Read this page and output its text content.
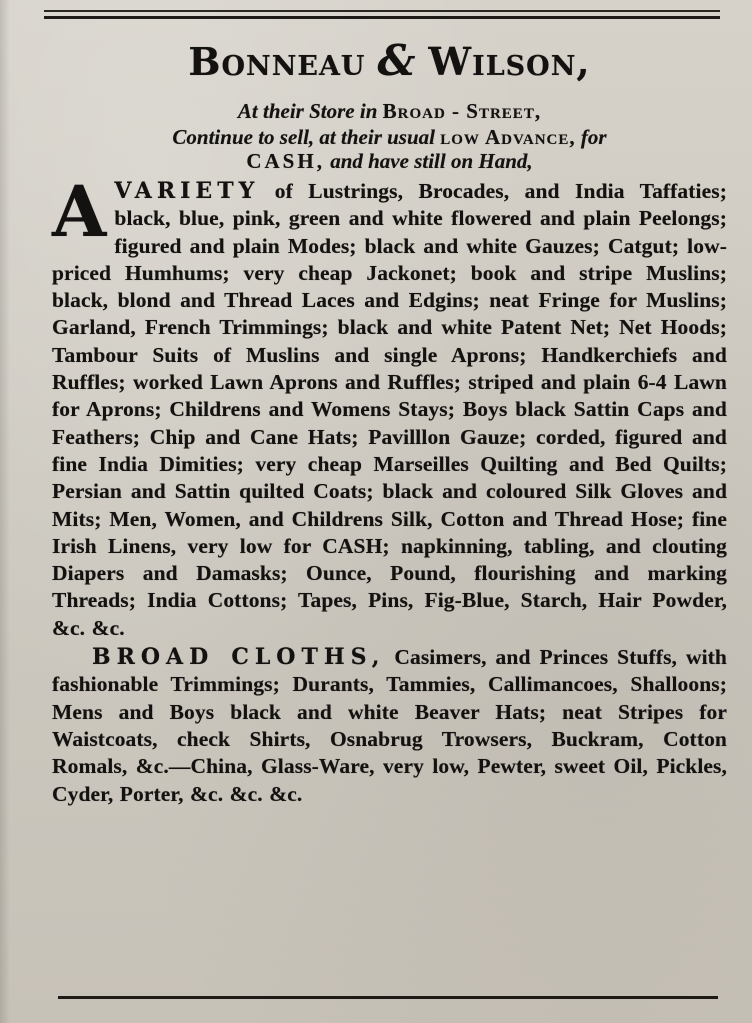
Bonneau & Wilson,
At their Store in Broad - Street,
Continue to sell, at their usual low Advance, for
CASH, and have still on Hand,

AVARIETY of Lustrings, Brocades, and India Taffaties; black, blue, pink, green and white flowered and plain Peelongs; figured and plain Modes; black and white Gauzes; Catgut; low-priced Humhums; very cheap Jackonet; book and stripe Muslins; black, blond and Thread Laces and Edgins; neat Fringe for Muslins; Garland, French Trimmings; black and white Patent Net; Net Hoods; Tambour Suits of Muslins and single Aprons; Handkerchiefs and Ruffles; worked Lawn Aprons and Ruffles; striped and plain 6-4 Lawn for Aprons; Childrens and Womens Stays; Boys black Sattin Caps and Feathers; Chip and Cane Hats; Pavilllon Gauze; corded, figured and fine India Dimities; very cheap Marseilles Quilting and Bed Quilts; Persian and Sattin quilted Coats; black and coloured Silk Gloves and Mits; Men, Women, and Childrens Silk, Cotton and Thread Hose; fine Irish Linens, very low for CASH; napkinning, tabling, and clouting Diapers and Damasks; Ounce, Pound, flourishing and marking Threads; India Cottons; Tapes, Pins, Fig-Blue, Starch, Hair Powder, &c. &c.

BROAD CLOTHS, Casimers, and Princes Stuffs, with fashionable Trimmings; Durants, Tammies, Callimancoes, Shalloons; Mens and Boys black and white Beaver Hats; neat Stripes for Waistcoats, check Shirts, Osnabrug Trowsers, Buckram, Cotton Romals, &c.—China, Glass-Ware, very low, Pewter, sweet Oil, Pickles, Cyder, Porter, &c. &c. &c.
